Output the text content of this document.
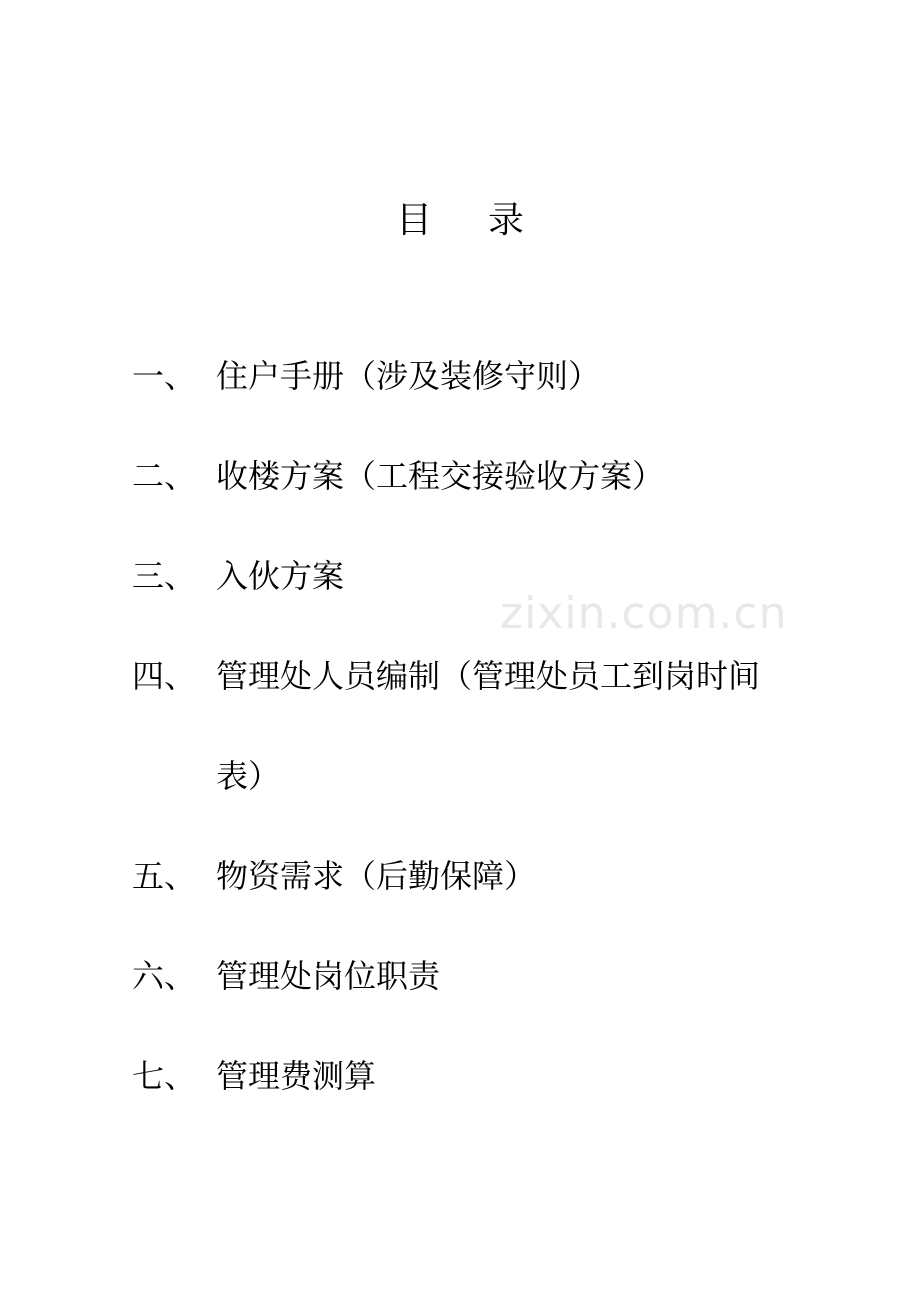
zixin.com.cn
目 录
一、 住户手册（涉及装修守则）
二、 收楼方案（工程交接验收方案）
三、 入伙方案
四、 管理处人员编制（管理处员工到岗时间表）
五、 物资需求（后勤保障）
六、 管理处岗位职责
七、 管理费测算
